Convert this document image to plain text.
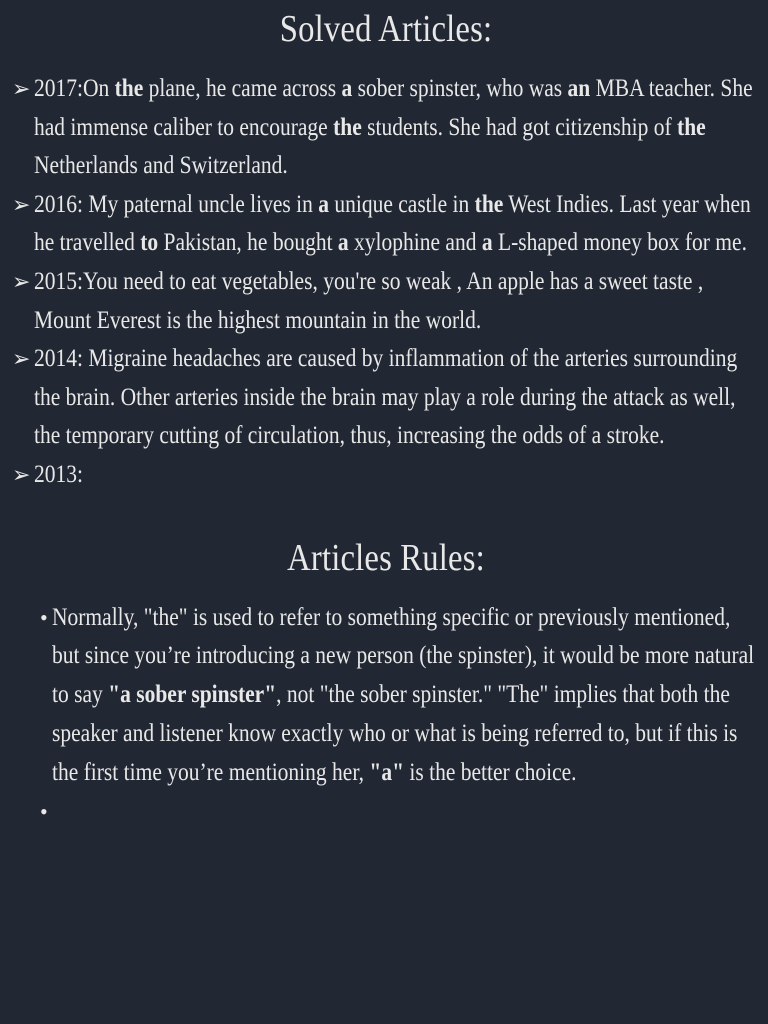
Solved Articles:
➢
2017:On the plane, he came across a sober spinster, who was an MBA teacher. She had immense caliber to encourage the students. She had got citizenship of the Netherlands and Switzerland.
➢
2016: My paternal uncle lives in a unique castle in the West Indies. Last year when he travelled to Pakistan, he bought a xylophine and a L-shaped money box for me.
➢
2015:You need to eat vegetables, you're so weak , An apple has a sweet taste , Mount Everest is the highest mountain in the world.
➢
2014: Migraine headaches are caused by inflammation of the arteries surrounding the brain. Other arteries inside the brain may play a role during the attack as well, the temporary cutting of circulation, thus, increasing the odds of a stroke.
➢
2013:
Articles Rules:
•
Normally, "the" is used to refer to something specific or previously mentioned, but since you’re introducing a new person (the spinster), it would be more natural to say "a sober spinster", not "the sober spinster." "The" implies that both the speaker and listener know exactly who or what is being referred to, but if this is the first time you’re mentioning her, "a" is the better choice.
•
